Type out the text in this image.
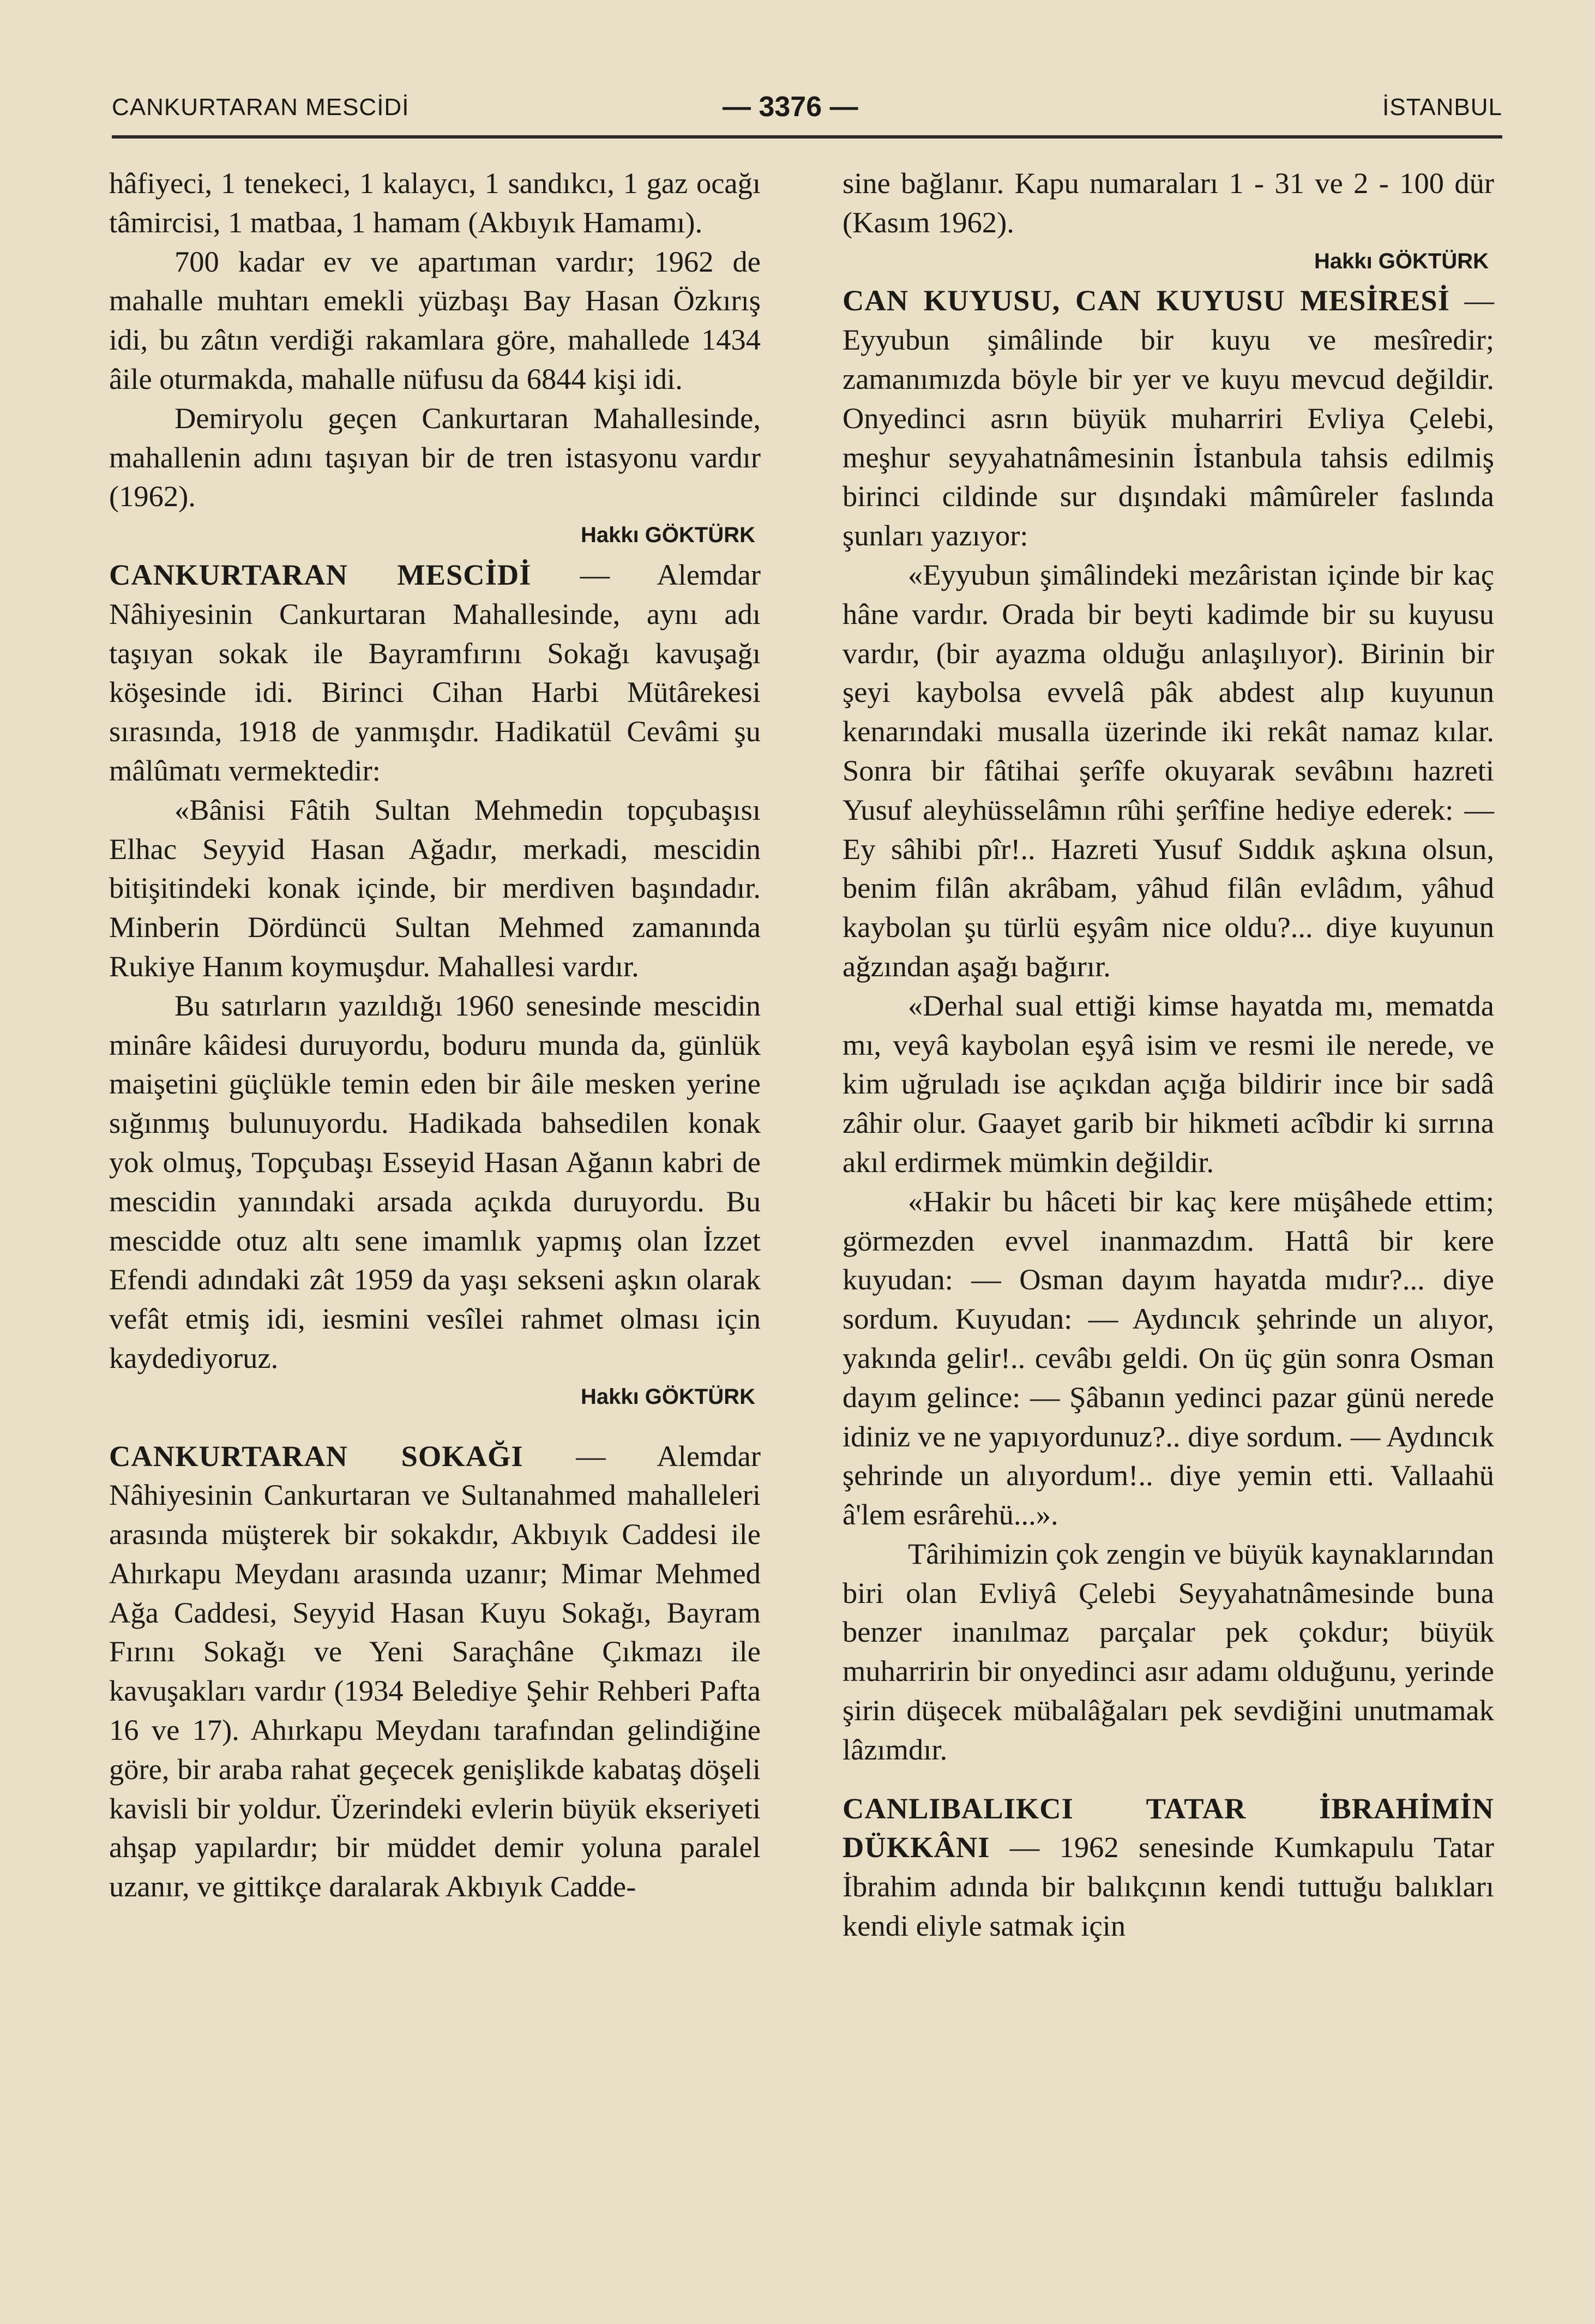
CANKURTARAN MESCİDİ	— 3376 —	İSTANBUL

hâfiyeci, 1 tenekeci, 1 kalaycı, 1 sandıkcı, 1 gaz ocağı tâmircisi, 1 matbaa, 1 hamam (Akbıyık Hamamı).

700 kadar ev ve apartıman vardır; 1962 de mahalle muhtarı emekli yüzbaşı Bay Hasan Özkırış idi, bu zâtın verdiği rakamlara göre, mahallede 1434 âile oturmakda, mahalle nüfusu da 6844 kişi idi.

Demiryolu geçen Cankurtaran Mahallesinde, mahallenin adını taşıyan bir de tren istasyonu vardır (1962).

Hakkı GÖKTÜRK

CANKURTARAN MESCİDİ — Alemdar Nâhiyesinin Cankurtaran Mahallesinde, aynı adı taşıyan sokak ile Bayramfırını Sokağı kavuşağı köşesinde idi. Birinci Cihan Harbi Mütârekesi sırasında, 1918 de yanmışdır. Hadikatül Cevâmi şu mâlûmatı vermektedir:

«Bânisi Fâtih Sultan Mehmedin topçubaşısı Elhac Seyyid Hasan Ağadır, merkadi, mescidin bitişitindeki konak içinde, bir merdiven başındadır. Minberin Dördüncü Sultan Mehmed zamanında Rukiye Hanım koymuşdur. Mahallesi vardır.

Bu satırların yazıldığı 1960 senesinde mescidin minâre kâidesi duruyordu, boduru munda da, günlük maişetini güçlükle temin eden bir âile mesken yerine sığınmış bulunuyordu. Hadikada bahsedilen konak yok olmuş, Topçubaşı Esseyid Hasan Ağanın kabri de mescidin yanındaki arsada açıkda duruyordu. Bu mescidde otuz altı sene imamlık yapmış olan İzzet Efendi adındaki zât 1959 da yaşı sekseni aşkın olarak vefât etmiş idi, iesmini vesîlei rahmet olması için kaydediyoruz.

Hakkı GÖKTÜRK

CANKURTARAN SOKAĞI — Alemdar Nâhiyesinin Cankurtaran ve Sultanahmed mahalleleri arasında müşterek bir sokakdır, Akbıyık Caddesi ile Ahırkapu Meydanı arasında uzanır; Mimar Mehmed Ağa Caddesi, Seyyid Hasan Kuyu Sokağı, Bayram Fırını Sokağı ve Yeni Saraçhâne Çıkmazı ile kavuşakları vardır (1934 Belediye Şehir Rehberi Pafta 16 ve 17). Ahırkapu Meydanı tarafından gelindiğine göre, bir araba rahat geçecek genişlikde kabataş döşeli kavisli bir yoldur. Üzerindeki evlerin büyük ekseriyeti ahşap yapılardır; bir müddet demir yoluna paralel uzanır, ve gittikçe daralarak Akbıyık Cadde-

sine bağlanır. Kapu numaraları 1 - 31 ve 2 - 100 dür (Kasım 1962).

Hakkı GÖKTÜRK

CAN KUYUSU, CAN KUYUSU MESİRESİ — Eyyubun şimâlinde bir kuyu ve mesîredir; zamanımızda böyle bir yer ve kuyu mevcud değildir. Onyedinci asrın büyük muharriri Evliya Çelebi, meşhur seyyahatnâmesinin İstanbula tahsis edilmiş birinci cildinde sur dışındaki mâmûreler faslında şunları yazıyor:

«Eyyubun şimâlindeki mezâristan içinde bir kaç hâne vardır. Orada bir beyti kadimde bir su kuyusu vardır, (bir ayazma olduğu anlaşılıyor). Birinin bir şeyi kaybolsa evvelâ pâk abdest alıp kuyunun kenarındaki musalla üzerinde iki rekât namaz kılar. Sonra bir fâtihai şerîfe okuyarak sevâbını hazreti Yusuf aleyhüsselâmın rûhi şerîfine hediye ederek: — Ey sâhibi pîr!.. Hazreti Yusuf Sıddık aşkına olsun, benim filân akrâbam, yâhud filân evlâdım, yâhud kaybolan şu türlü eşyâm nice oldu?... diye kuyunun ağzından aşağı bağırır.

«Derhal sual ettiği kimse hayatda mı, mematda mı, veyâ kaybolan eşyâ isim ve resmi ile nerede, ve kim uğruladı ise açıkdan açığa bildirir ince bir sadâ zâhir olur. Gaayet garib bir hikmeti acîbdir ki sırrına akıl erdirmek mümkin değildir.

«Hakir bu hâceti bir kaç kere müşâhede ettim; görmezden evvel inanmazdım. Hattâ bir kere kuyudan: — Osman dayım hayatda mıdır?... diye sordum. Kuyudan: — Aydıncık şehrinde un alıyor, yakında gelir!.. cevâbı geldi. On üç gün sonra Osman dayım gelince: — Şâbanın yedinci pazar günü nerede idiniz ve ne yapıyordunuz?.. diye sordum. — Aydıncık şehrinde un alıyordum!.. diye yemin etti. Vallaahü â'lem esrârehü...».

Târihimizin çok zengin ve büyük kaynaklarından biri olan Evliyâ Çelebi Seyyahatnâmesinde buna benzer inanılmaz parçalar pek çokdur; büyük muharririn bir onyedinci asır adamı olduğunu, yerinde şirin düşecek mübalâğaları pek sevdiğini unutmamak lâzımdır.

CANLIBALIKCI TATAR İBRAHİMİN DÜKKÂNI — 1962 senesinde Kumkapulu Tatar İbrahim adında bir balıkçının kendi tuttuğu balıkları kendi eliyle satmak için
